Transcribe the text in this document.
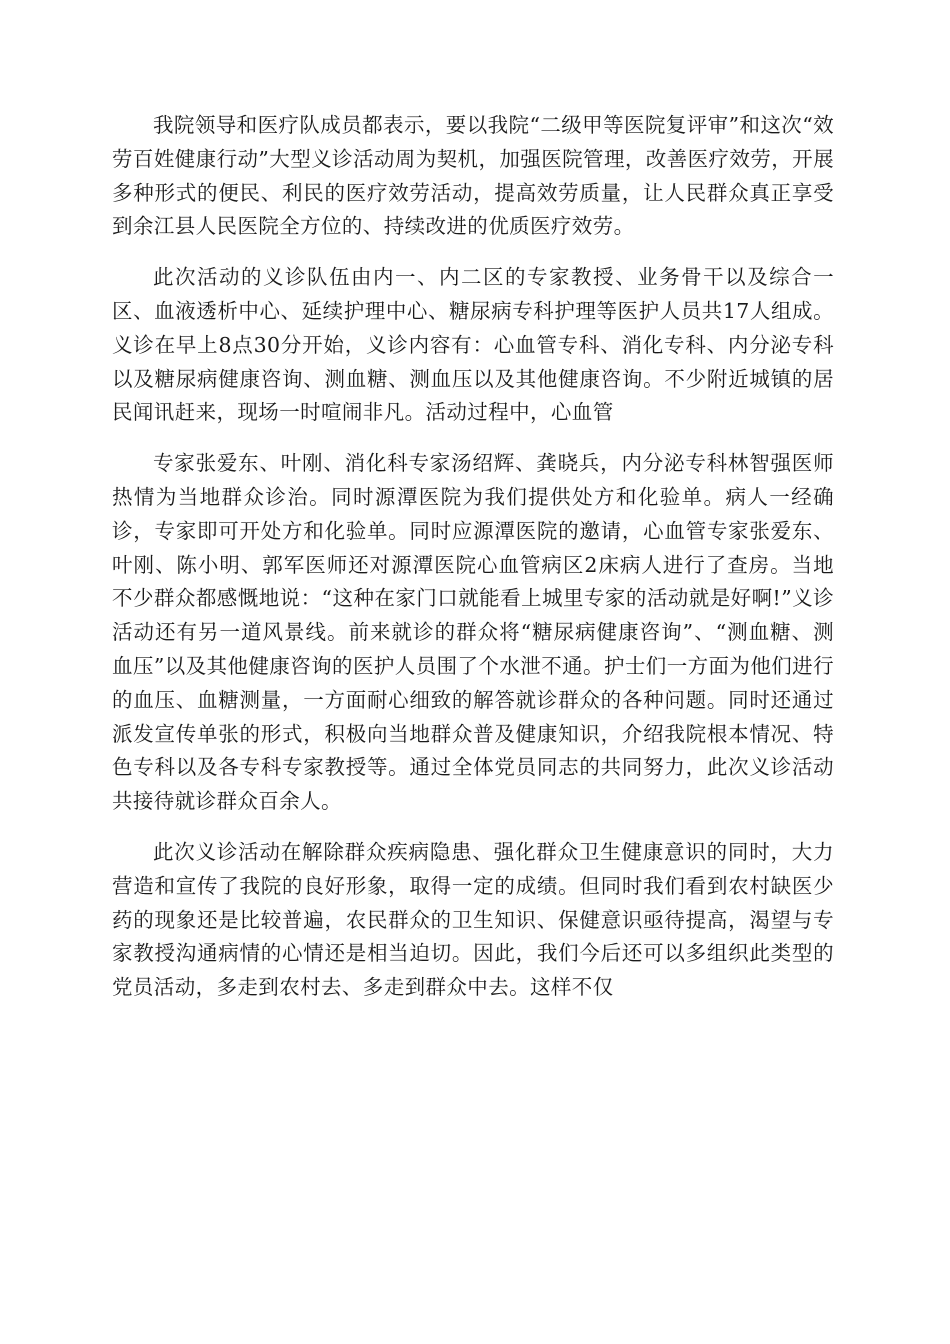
我院领导和医疗队成员都表示，要以我院“二级甲等医院复评审”和这次“效劳百姓健康行动”大型义诊活动周为契机，加强医院管理，改善医疗效劳，开展多种形式的便民、利民的医疗效劳活动，提高效劳质量，让人民群众真正享受到余江县人民医院全方位的、持续改进的优质医疗效劳。

此次活动的义诊队伍由内一、内二区的专家教授、业务骨干以及综合一区、血液透析中心、延续护理中心、糖尿病专科护理等医护人员共17人组成。义诊在早上8点30分开始，义诊内容有：心血管专科、消化专科、内分泌专科以及糖尿病健康咨询、测血糖、测血压以及其他健康咨询。不少附近城镇的居民闻讯赶来，现场一时喧闹非凡。活动过程中，心血管

专家张爱东、叶刚、消化科专家汤绍辉、龚晓兵，内分泌专科林智强医师热情为当地群众诊治。同时源潭医院为我们提供处方和化验单。病人一经确诊，专家即可开处方和化验单。同时应源潭医院的邀请，心血管专家张爱东、叶刚、陈小明、郭军医师还对源潭医院心血管病区2床病人进行了查房。当地不少群众都感慨地说：“这种在家门口就能看上城里专家的活动就是好啊!”义诊活动还有另一道风景线。前来就诊的群众将“糖尿病健康咨询”、“测血糖、测血压”以及其他健康咨询的医护人员围了个水泄不通。护士们一方面为他们进行的血压、血糖测量，一方面耐心细致的解答就诊群众的各种问题。同时还通过派发宣传单张的形式，积极向当地群众普及健康知识，介绍我院根本情况、特色专科以及各专科专家教授等。通过全体党员同志的共同努力，此次义诊活动共接待就诊群众百余人。

此次义诊活动在解除群众疾病隐患、强化群众卫生健康意识的同时，大力营造和宣传了我院的良好形象，取得一定的成绩。但同时我们看到农村缺医少药的现象还是比较普遍，农民群众的卫生知识、保健意识亟待提高，渴望与专家教授沟通病情的心情还是相当迫切。因此，我们今后还可以多组织此类型的党员活动，多走到农村去、多走到群众中去。这样不仅
